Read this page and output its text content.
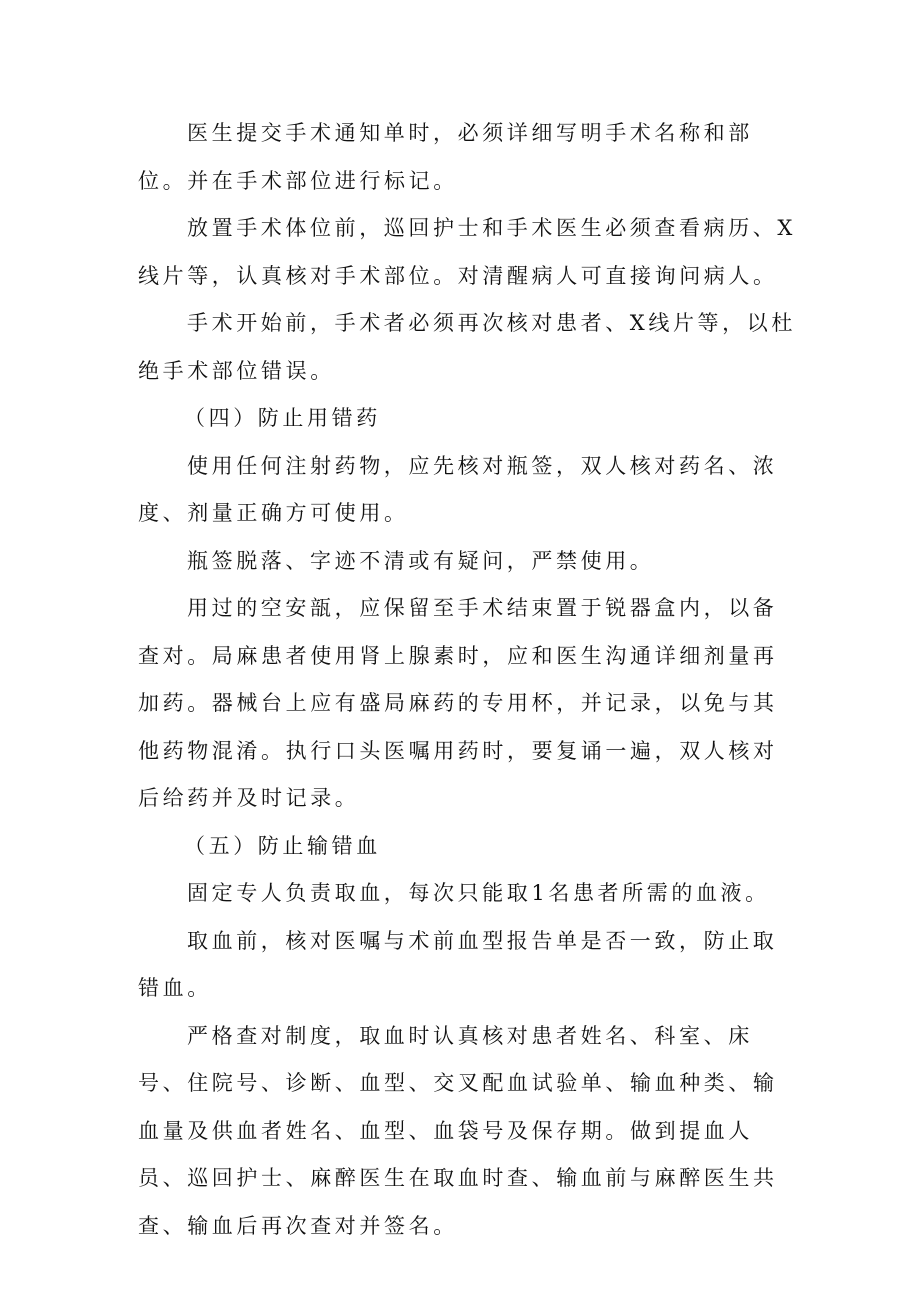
医生提交手术通知单时，必须详细写明手术名称和部位。并在手术部位进行标记。

放置手术体位前，巡回护士和手术医生必须查看病历、X线片等，认真核对手术部位。对清醒病人可直接询问病人。

手术开始前，手术者必须再次核对患者、X线片等，以杜绝手术部位错误。

（四）防止用错药

使用任何注射药物，应先核对瓶签，双人核对药名、浓度、剂量正确方可使用。

瓶签脱落、字迹不清或有疑问，严禁使用。

用过的空安瓿，应保留至手术结束置于锐器盒内，以备查对。局麻患者使用肾上腺素时，应和医生沟通详细剂量再加药。器械台上应有盛局麻药的专用杯，并记录，以免与其他药物混淆。执行口头医嘱用药时，要复诵一遍，双人核对后给药并及时记录。

（五）防止输错血

固定专人负责取血，每次只能取1名患者所需的血液。

取血前，核对医嘱与术前血型报告单是否一致，防止取错血。

严格查对制度，取血时认真核对患者姓名、科室、床号、住院号、诊断、血型、交叉配血试验单、输血种类、输血量及供血者姓名、血型、血袋号及保存期。做到提血人员、巡回护士、麻醉医生在取血时查、输血前与麻醉医生共查、输血后再次查对并签名。
